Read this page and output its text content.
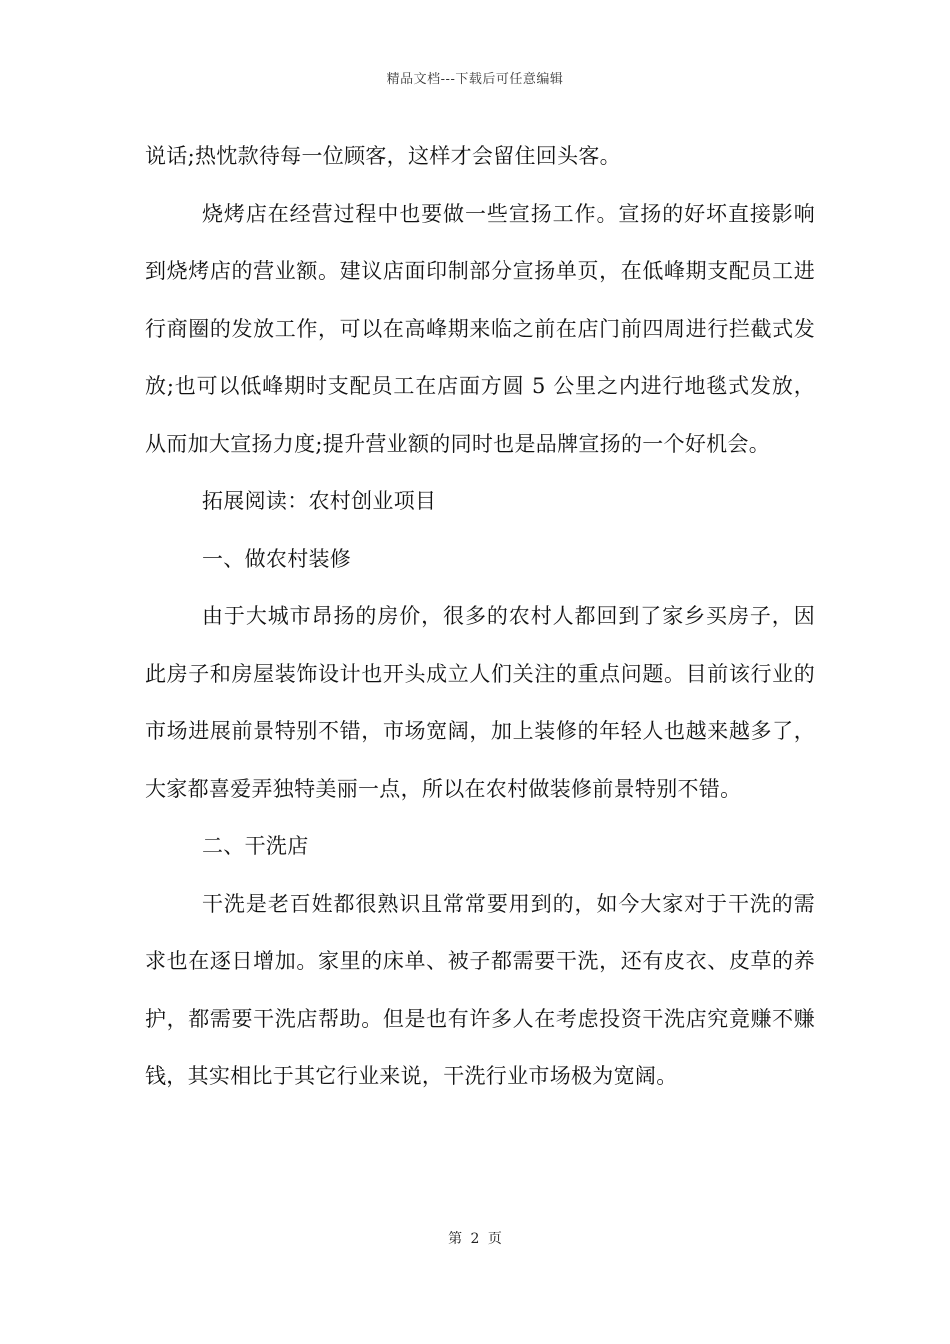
精品文档---下载后可任意编辑

说话;热忱款待每一位顾客，这样才会留住回头客。

烧烤店在经营过程中也要做一些宣扬工作。宣扬的好坏直接影响到烧烤店的营业额。建议店面印制部分宣扬单页，在低峰期支配员工进行商圈的发放工作，可以在高峰期来临之前在店门前四周进行拦截式发放;也可以低峰期时支配员工在店面方圆 5 公里之内进行地毯式发放，从而加大宣扬力度;提升营业额的同时也是品牌宣扬的一个好机会。

拓展阅读：农村创业项目

一、做农村装修

由于大城市昂扬的房价，很多的农村人都回到了家乡买房子，因此房子和房屋装饰设计也开头成立人们关注的重点问题。目前该行业的市场进展前景特别不错，市场宽阔，加上装修的年轻人也越来越多了，大家都喜爱弄独特美丽一点，所以在农村做装修前景特别不错。

二、干洗店

干洗是老百姓都很熟识且常常要用到的，如今大家对于干洗的需求也在逐日增加。家里的床单、被子都需要干洗，还有皮衣、皮草的养护，都需要干洗店帮助。但是也有许多人在考虑投资干洗店究竟赚不赚钱，其实相比于其它行业来说，干洗行业市场极为宽阔。

第 2 页
